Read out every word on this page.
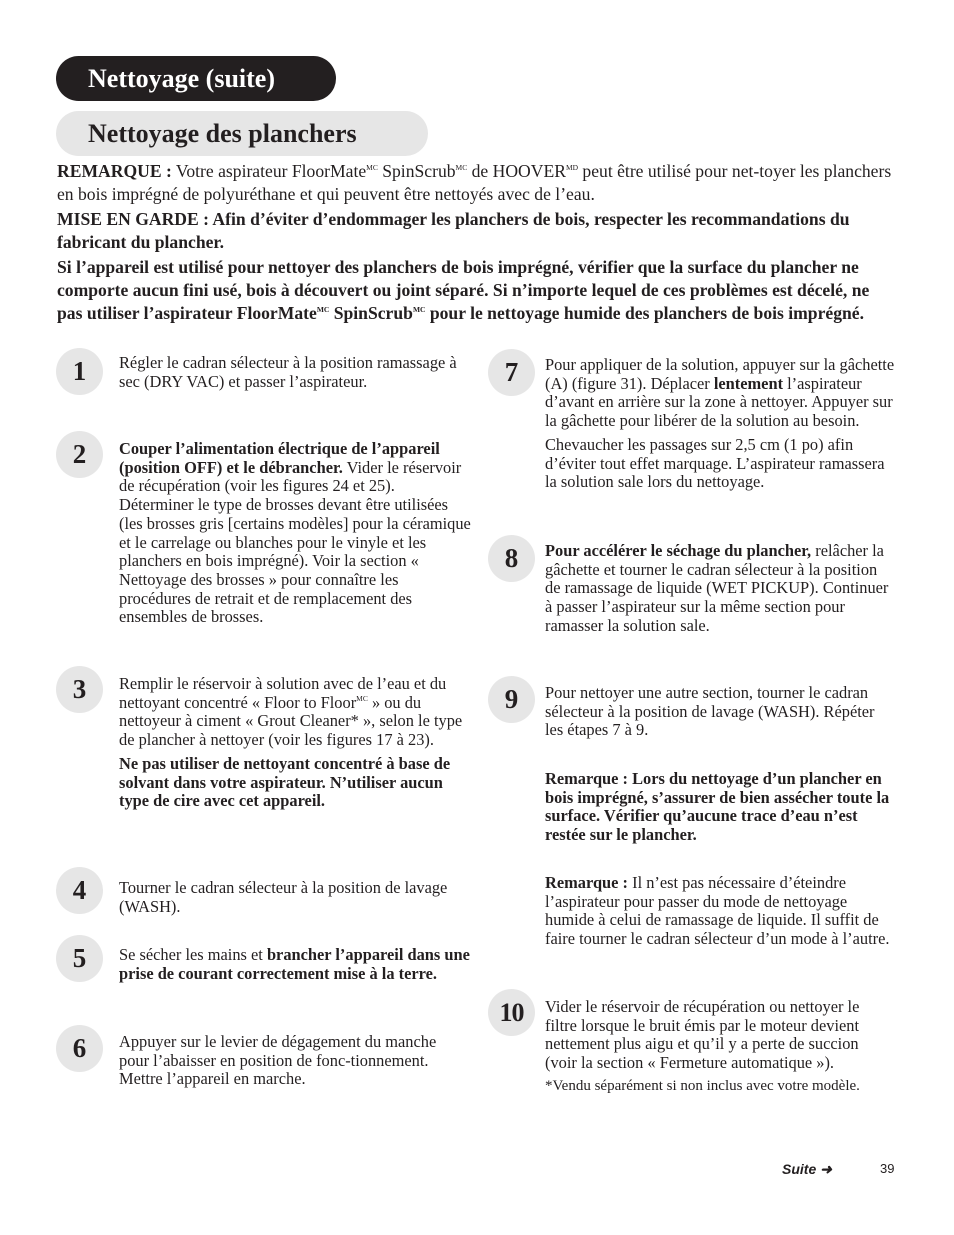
Nettoyage (suite)
Nettoyage des planchers

REMARQUE : Votre aspirateur FloorMate$^{MC}$ SpinScrub$^{MC}$ de $HOOVER^{MD}$ peut être utilisé pour net-toyer les planchers en bois imprégné de polyuréthane et qui peuvent être nettoyés avec de l’eau.

MISE EN GARDE : Afin d’éviter d’endommager les planchers de bois, respecter les recommandations du fabricant du plancher.

Si l’appareil est utilisé pour nettoyer des planchers de bois imprégné, vérifier que la surface du plancher ne comporte aucun fini usé, bois à découvert ou joint séparé. Si n’importe lequel de ces problèmes est décelé, ne pas utiliser l’aspirateur FloorMate$^{MC}$ SpinScrub$^{MC}$ pour le nettoyage humide des planchers de bois imprégné.

1	Régler le cadran sélecteur à la position ramassage à sec (DRY VAC) et passer l’aspirateur.

2	Couper l’alimentation électrique de l’appareil (position OFF) et le débrancher. Vider le réservoir de récupération (voir les figures 24 et 25). Déterminer le type de brosses devant être utilisées (les brosses gris [certains modèles] pour la céramique et le carrelage ou blanches pour le vinyle et les planchers en bois imprégné). Voir la section « Nettoyage des brosses » pour connaître les procédures de retrait et de remplacement des ensembles de brosses.

3	Remplir le réservoir à solution avec de l’eau et du nettoyant concentré « Floor to Floor$^{MC}$ » ou du nettoyeur à ciment « Grout Cleaner* », selon le type de plancher à nettoyer (voir les figures 17 à 23).

Ne pas utiliser de nettoyant concentré à base de solvant dans votre aspirateur. N’utiliser aucun type de cire avec cet appareil.

4	Tourner le cadran sélecteur à la position de lavage (WASH).

5	Se sécher les mains et brancher l’appareil dans une prise de courant correctement mise à la terre.

6	Appuyer sur le levier de dégagement du manche pour l’abaisser en position de fonc-tionnement. Mettre l’appareil en marche.

7	Pour appliquer de la solution, appuyer sur la gâchette (A) (figure 31). Déplacer lentement l’aspirateur d’avant en arrière sur la zone à nettoyer. Appuyer sur la gâchette pour libérer de la solution au besoin.

Chevaucher les passages sur 2,5 cm (1 po) afin d’éviter tout effet marquage. L’aspirateur ramassera la solution sale lors du nettoyage.

8	Pour accélérer le séchage du plancher, relâcher la gâchette et tourner le cadran sélecteur à la position de ramassage de liquide (WET PICKUP). Continuer à passer l’aspirateur sur la même section pour ramasser la solution sale.

9	Pour nettoyer une autre section, tourner le cadran sélecteur à la position de lavage (WASH). Répéter les étapes 7 à 9.

Remarque : Lors du nettoyage d’un plancher en bois imprégné, s’assurer de bien assécher toute la surface. Vérifier qu’aucune trace d’eau n’est restée sur le plancher.
Remarque : Il n’est pas nécessaire d’éteindre l’aspirateur pour passer du mode de nettoyage humide à celui de ramassage de liquide. Il suffit de faire tourner le cadran sélecteur d’un mode à l’autre.
10	Vider le réservoir de récupération ou nettoyer le filtre lorsque le bruit émis par le moteur devient nettement plus aigu et qu’il y a perte de succion (voir la section « Fermeture automatique »).

*Vendu séparément si non inclus avec votre modèle.

Suite ➜	39
